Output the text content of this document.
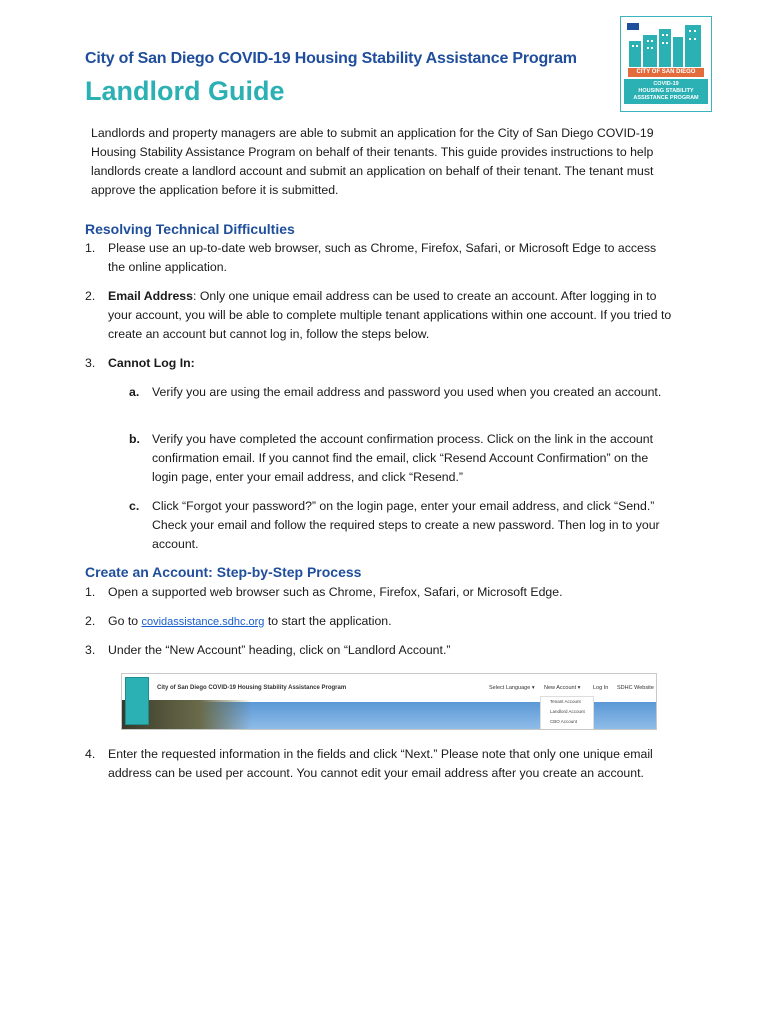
City of San Diego COVID-19 Housing Stability Assistance Program
Landlord Guide
CITY OF SAN DIEGO
COVID-19
HOUSING STABILITY
ASSISTANCE PROGRAM
Landlords and property managers are able to submit an application for the City of San Diego COVID-19 Housing Stability Assistance Program on behalf of their tenants. This guide provides instructions to help landlords create a landlord account and submit an application on behalf of their tenant. The tenant must approve the application before it is submitted.
Resolving Technical Difficulties
1. Please use an up-to-date web browser, such as Chrome, Firefox, Safari, or Microsoft Edge to access the online application.
2. Email Address: Only one unique email address can be used to create an account. After logging in to your account, you will be able to complete multiple tenant applications within one account. If you tried to create an account but cannot log in, follow the steps below.
3. Cannot Log In:
a. Verify you are using the email address and password you used when you created an account.
b. Verify you have completed the account confirmation process. Click on the link in the account confirmation email. If you cannot find the email, click “Resend Account Confirmation” on the login page, enter your email address, and click “Resend.”
c. Click “Forgot your password?” on the login page, enter your email address, and click “Send.” Check your email and follow the required steps to create a new password. Then log in to your account.
Create an Account: Step-by-Step Process
1. Open a supported web browser such as Chrome, Firefox, Safari, or Microsoft Edge.
2. Go to covidassistance.sdhc.org to start the application.
3. Under the “New Account” heading, click on “Landlord Account.”
City of San Diego COVID-19 Housing Stability Assistance Program	Select Language ▾ New Account ▾ Log In SDHC Website
Tenant Account
Landlord Account
CBO Account
4. Enter the requested information in the fields and click “Next.” Please note that only one unique email address can be used per account. You cannot edit your email address after you create an account.
